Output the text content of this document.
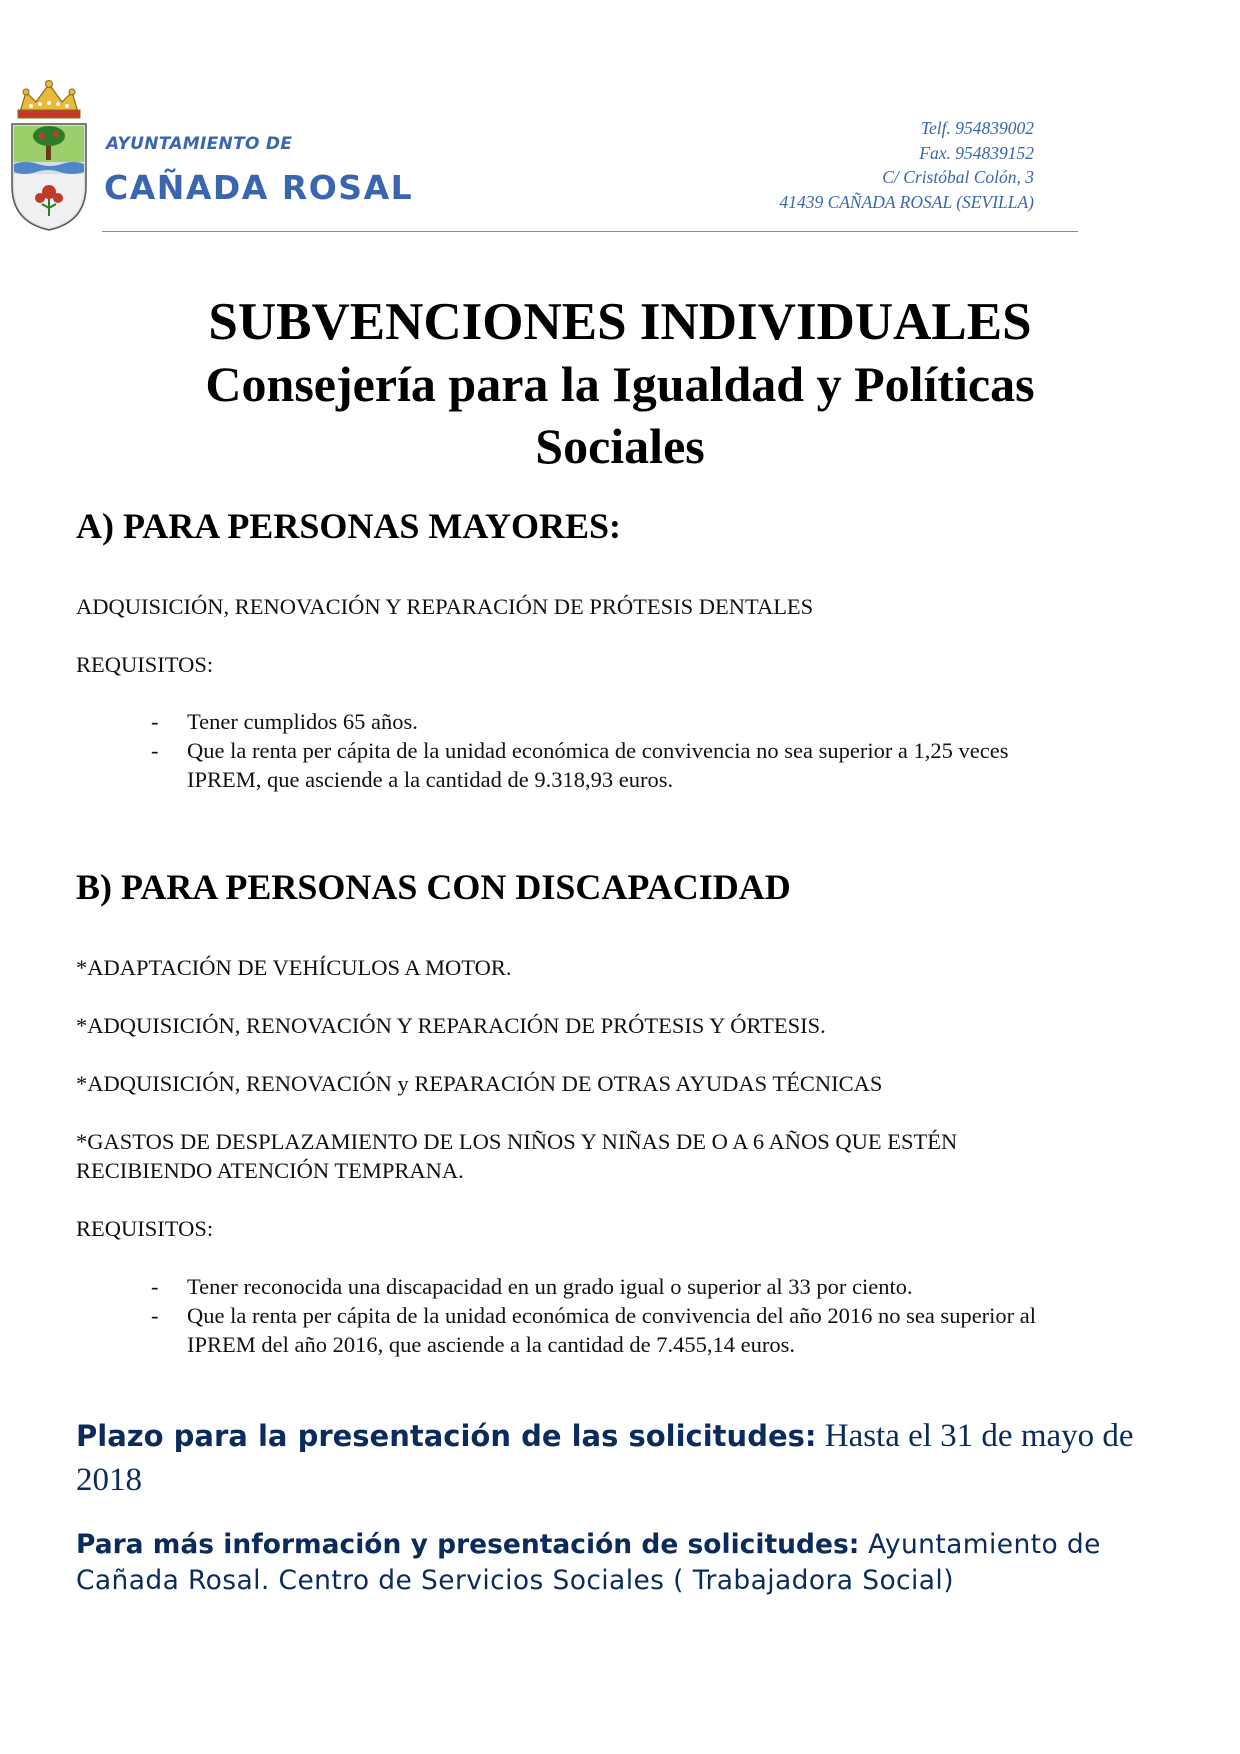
AYUNTAMIENTO DE
CAÑADA ROSAL
Telf. 954839002
Fax. 954839152
C/ Cristóbal Colón, 3
41439 CAÑADA ROSAL (SEVILLA)
SUBVENCIONES INDIVIDUALES
Consejería para la Igualdad y Políticas
Sociales
A) PARA PERSONAS MAYORES:
ADQUISICIÓN, RENOVACIÓN Y REPARACIÓN DE PRÓTESIS DENTALES
REQUISITOS:
- Tener cumplidos 65 años.
- Que la renta per cápita de la unidad económica de convivencia no sea superior a 1,25 veces
IPREM, que asciende a la cantidad de 9.318,93 euros.
B) PARA PERSONAS CON DISCAPACIDAD
*ADAPTACIÓN DE VEHÍCULOS A MOTOR.
*ADQUISICIÓN, RENOVACIÓN Y REPARACIÓN DE PRÓTESIS Y ÓRTESIS.
*ADQUISICIÓN, RENOVACIÓN y REPARACIÓN DE OTRAS AYUDAS TÉCNICAS
*GASTOS DE DESPLAZAMIENTO DE LOS NIÑOS Y NIÑAS DE O A 6 AÑOS QUE ESTÉN
RECIBIENDO ATENCIÓN TEMPRANA.
REQUISITOS:
- Tener reconocida una discapacidad en un grado igual o superior al 33 por ciento.
- Que la renta per cápita de la unidad económica de convivencia del año 2016 no sea superior al
IPREM del año 2016, que asciende a la cantidad de 7.455,14 euros.
Plazo para la presentación de las solicitudes: Hasta el 31 de mayo de 2018
Para más información y presentación de solicitudes: Ayuntamiento de Cañada Rosal. Centro de Servicios Sociales ( Trabajadora Social)
